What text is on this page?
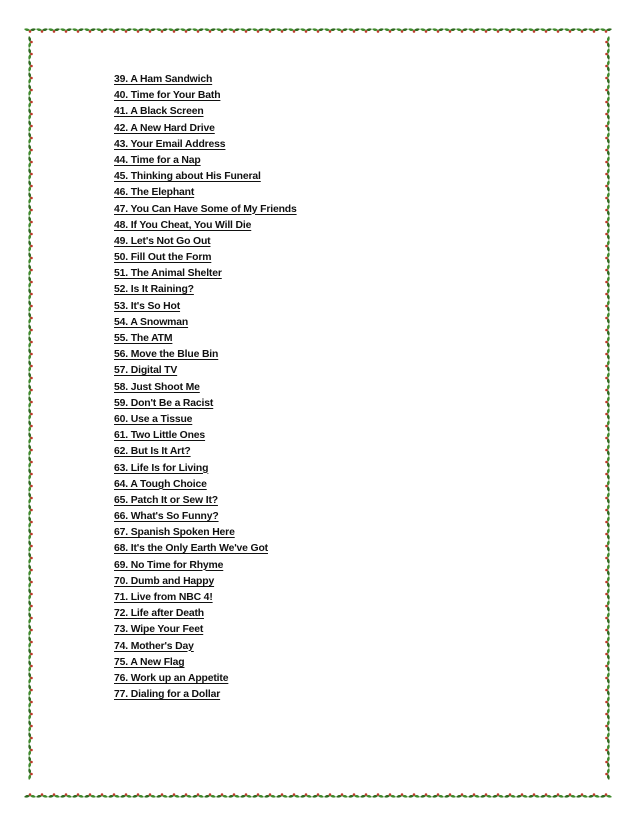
39. A Ham Sandwich
40. Time for Your Bath
41. A Black Screen
42. A New Hard Drive
43. Your Email Address
44. Time for a Nap
45. Thinking about His Funeral
46. The Elephant
47. You Can Have Some of My Friends
48. If You Cheat, You Will Die
49. Let's Not Go Out
50. Fill Out the Form
51. The Animal Shelter
52. Is It Raining?
53. It's So Hot
54. A Snowman
55. The ATM
56. Move the Blue Bin
57. Digital TV
58. Just Shoot Me
59. Don't Be a Racist
60. Use a Tissue
61. Two Little Ones
62. But Is It Art?
63. Life Is for Living
64. A Tough Choice
65. Patch It or Sew It?
66. What's So Funny?
67. Spanish Spoken Here
68. It's the Only Earth We've Got
69. No Time for Rhyme
70. Dumb and Happy
71. Live from NBC 4!
72. Life after Death
73. Wipe Your Feet
74. Mother's Day
75. A New Flag
76. Work up an Appetite
77. Dialing for a Dollar
